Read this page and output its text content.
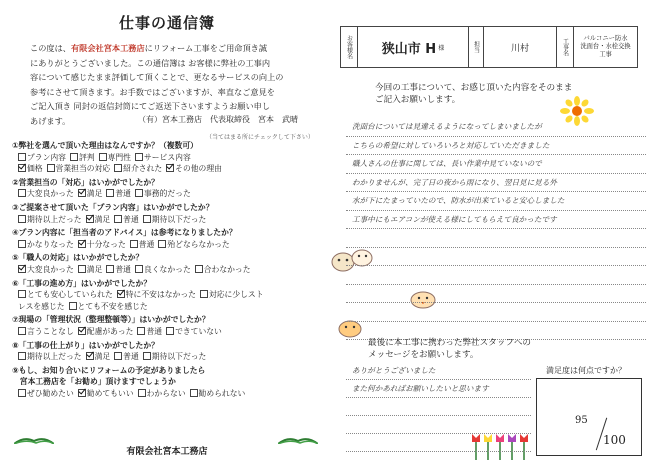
仕事の通信簿
この度は、有限会社宮本工務店にリフォーム工事をご用命頂き誠
にありがとうございました。この通信簿は お客様に弊社の工事内
容について感じたまま評価して頂くことで、更なるサービスの向上の
参考にさせて頂きます。お手数ではございますが、率直なご意見を
ご記入頂き 同封の返信封筒にてご返送下さいますようお願い申し
あげます。	（有）宮本工務店 代表取締役 宮本　武晴
（当てはまる所にチェックして下さい）
①弊社を選んで頂いた理由はなんですか？（複数可）
プラン内容 評判 専門性 サービス内容
価格 営業担当の対応 紹介された その他の理由
②営業担当の「対応」はいかがでしたか？
大変良かった 満足 普通 事務的だった
③ご提案させて頂いた「プラン内容」はいかがでしたか？
期待以上だった 満足 普通 期待以下だった
④プラン内容に「担当者のアドバイス」は参考になりましたか？
かなりなった 十分なった 普通 殆どならなかった
⑤「職人の対応」はいかがでしたか？
大変良かった 満足 普通 良くなかった 合わなかった
⑥「工事の進め方」はいかがでしたか？
とても安心していられた 特に不安はなかった 対応に少しスト
レスを感じた とても不安を感じた
⑦現場の「管理状況（整理整頓等）」はいかがでしたか？
言うことなし 配慮があった 普通 できていない
⑧「工事の仕上がり」はいかがでしたか？
期待以上だった 満足 普通 期待以下だった
⑨もし、お知り合いにリフォームの予定がありましたら
　宮本工務店を「お勧め」頂けますでしょうか
ぜひ勧めたい 勧めてもいい わからない 勧められない
有限会社宮本工務店
お客様名 狭山市 H 様	担当	川村	工事名	バルコニー防水
洗面台・水栓交換
工事
今回の工事について、お感じ頂いた内容をそのまま
ご記入お願いします。
洗面台については見違えるようになってしまいましたが
こちらの希望に対していろいろと対応していただきました
職人さんの仕事に関しては、長い作業中見ていないので
わかりませんが、完了日の夜から雨になり、翌日見に見る外
水が下にたまっていたので、防水が出来ていると安心しました
工事中にもエアコンが使える様にしてもらえて良かったです
最後に本工事に携わった弊社スタッフへの
メッセージをお願いします。
満足度は何点ですか？
ありがとうございました
また何かあればお願いしたいと思います
95
100
